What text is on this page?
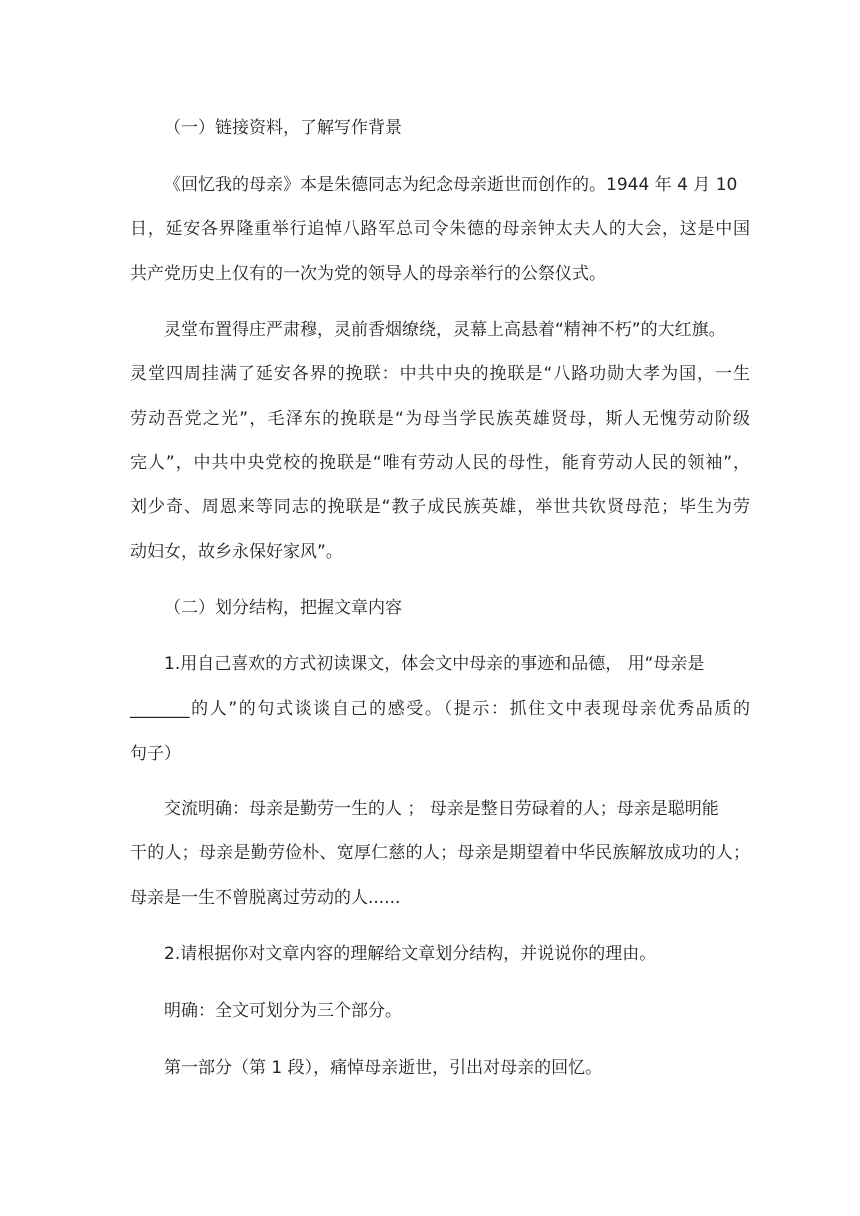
（一）链接资料，了解写作背景
《回忆我的母亲》本是朱德同志为纪念母亲逝世而创作的。1944 年 4 月 10
日，延安各界隆重举行追悼八路军总司令朱德的母亲钟太夫人的大会，这是中国
共产党历史上仅有的一次为党的领导人的母亲举行的公祭仪式。
灵堂布置得庄严肃穆，灵前香烟缭绕，灵幕上高悬着“精神不朽”的大红旗。
灵堂四周挂满了延安各界的挽联：中共中央的挽联是“八路功勋大孝为国，一生
劳动吾党之光”，毛泽东的挽联是“为母当学民族英雄贤母，斯人无愧劳动阶级
完人”，中共中央党校的挽联是“唯有劳动人民的母性，能育劳动人民的领袖”，
刘少奇、周恩来等同志的挽联是“教子成民族英雄，举世共钦贤母范；毕生为劳
动妇女，故乡永保好家风”。
（二）划分结构，把握文章内容
1.用自己喜欢的方式初读课文，体会文中母亲的事迹和品德， 用“母亲是
_______的人”的句式谈谈自己的感受。（提示：抓住文中表现母亲优秀品质的
句子）
交流明确：母亲是勤劳一生的人 ； 母亲是整日劳碌着的人；母亲是聪明能
干的人；母亲是勤劳俭朴、宽厚仁慈的人；母亲是期望着中华民族解放成功的人；
母亲是一生不曾脱离过劳动的人......
2.请根据你对文章内容的理解给文章划分结构，并说说你的理由。
明确：全文可划分为三个部分。
第一部分（第 1 段），痛悼母亲逝世，引出对母亲的回忆。
